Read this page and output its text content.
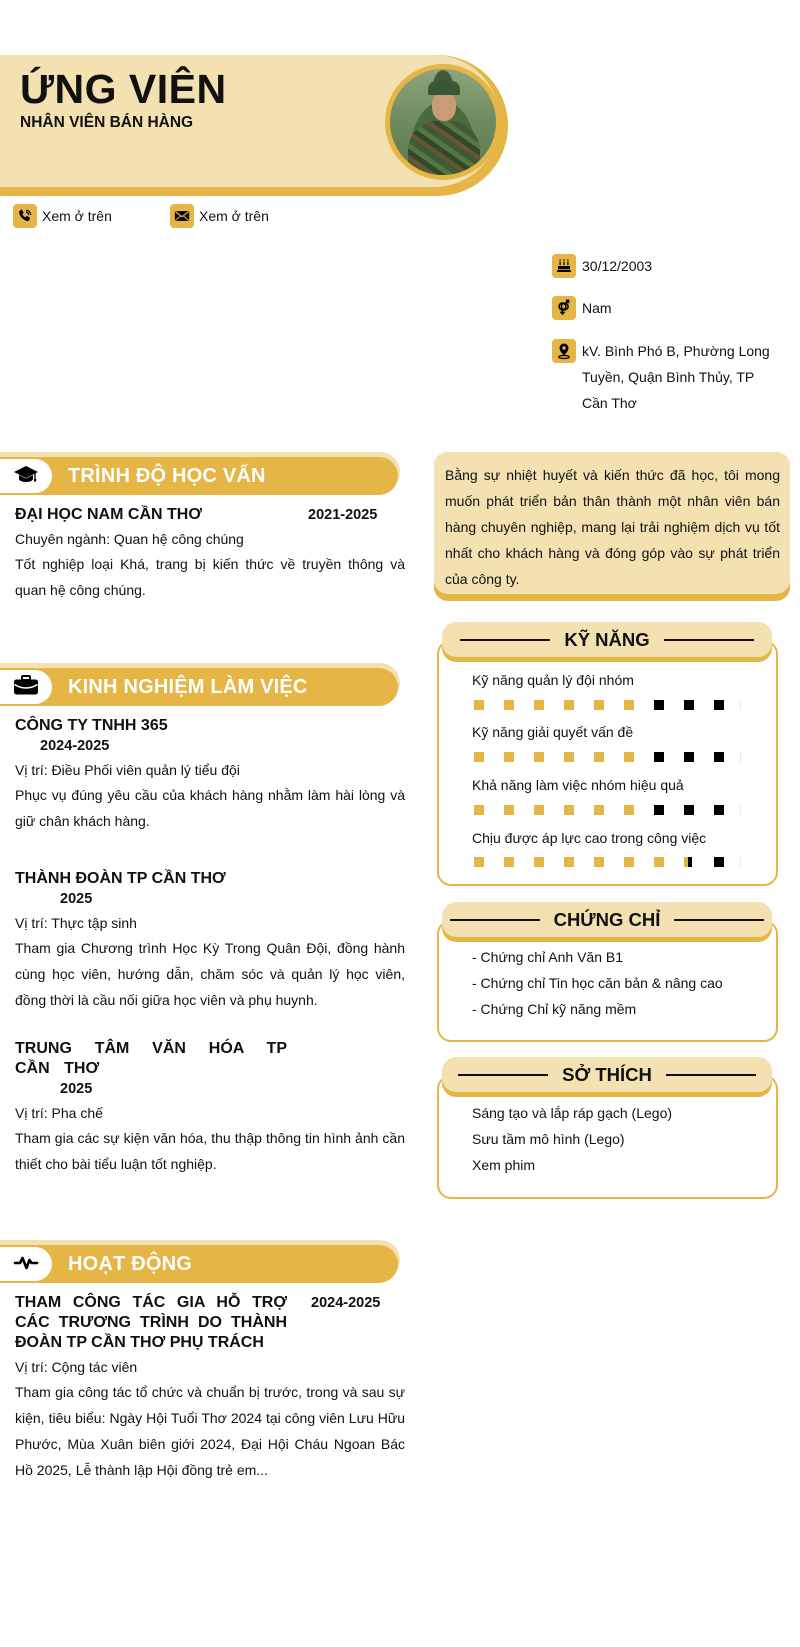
ỨNG VIÊN
NHÂN VIÊN BÁN HÀNG
Xem ở trên	Xem ở trên
30/12/2003
Nam
kV. Bình Phó B, Phường Long Tuyền, Quận Bình Thủy, TP Cần Thơ
TRÌNH ĐỘ HỌC VẤN
ĐẠI HỌC NAM CẦN THƠ	2021-2025
Chuyên ngành: Quan hệ công chúng
Tốt nghiệp loại Khá, trang bị kiến thức về truyền thông và quan hệ công chúng.
KINH NGHIỆM LÀM VIỆC
CÔNG TY TNHH 365
2024-2025
Vị trí: Điều Phối viên quản lý tiểu đội
Phục vụ đúng yêu cầu của khách hàng nhằm làm hài lòng và giữ chân khách hàng.
THÀNH ĐOÀN TP CẦN THƠ
2025
Vị trí: Thực tập sinh
Tham gia Chương trình Học Kỳ Trong Quân Đội, đồng hành cùng học viên, hướng dẫn, chăm sóc và quản lý học viên, đồng thời là cầu nối giữa học viên và phụ huynh.
TRUNG TÂM VĂN HÓA TP CẦN THƠ
2025
Vị trí: Pha chế
Tham gia các sự kiện văn hóa, thu thập thông tin hình ảnh cần thiết cho bài tiểu luận tốt nghiệp.
HOẠT ĐỘNG
THAM CÔNG TÁC GIA HỖ TRỢ CÁC TRƯƠNG TRÌNH DO THÀNH ĐOÀN TP CẦN THƠ PHỤ TRÁCH
2024-2025
Vị trí: Cộng tác viên
Tham gia công tác tổ chức và chuẩn bị trước, trong và sau sự kiện, tiêu biểu: Ngày Hội Tuổi Thơ 2024 tại công viên Lưu Hữu Phước, Mùa Xuân biên giới 2024, Đại Hội Cháu Ngoan Bác Hồ 2025, Lễ thành lập Hội đồng trẻ em...
Bằng sự nhiệt huyết và kiến thức đã học, tôi mong muốn phát triển bản thân thành một nhân viên bán hàng chuyên nghiệp, mang lại trải nghiệm dịch vụ tốt nhất cho khách hàng và đóng góp vào sự phát triển của công ty.
KỸ NĂNG
Kỹ năng quản lý đội nhóm
Kỹ năng giải quyết vấn đề
Khả năng làm việc nhóm hiệu quả
Chịu được áp lực cao trong công việc
CHỨNG CHỈ
- Chứng chỉ Anh Văn B1
- Chứng chỉ Tin học căn bản & nâng cao
- Chứng Chỉ kỹ năng mềm
SỞ THÍCH
Sáng tạo và lắp ráp gạch (Lego)
Sưu tầm mô hình (Lego)
Xem phim
